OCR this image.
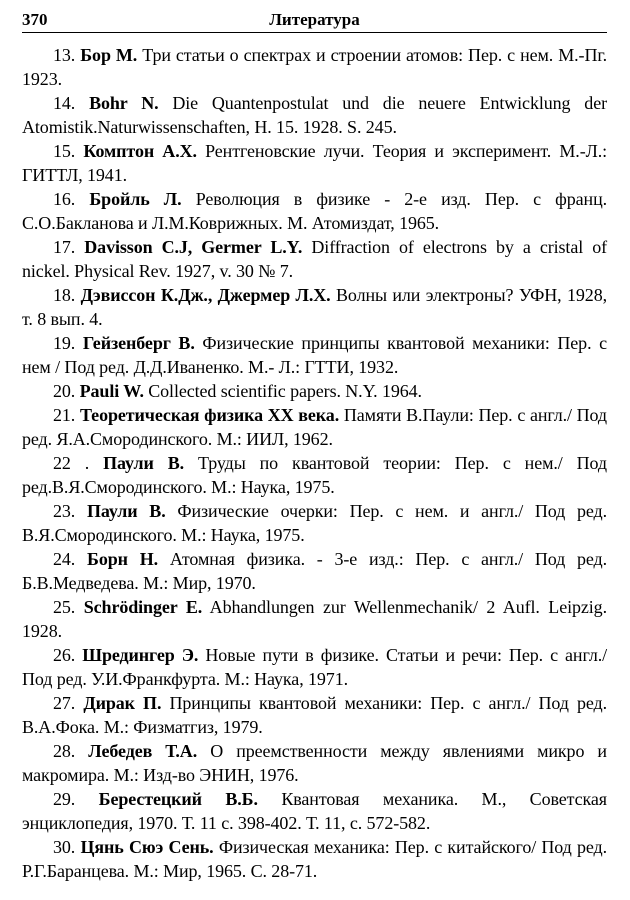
370	Литература
13. Бор М. Три статьи о спектрах и строении атомов: Пер. с нем. М.-Пг. 1923.
14. Bohr N. Die Quantenpostulat und die neuere Entwicklung der Atomistik.Naturwissenschaften, H. 15. 1928. S. 245.
15. Комптон А.Х. Рентгеновские лучи. Теория и эксперимент. М.-Л.: ГИТТЛ, 1941.
16. Бройль Л. Революция в физике - 2-е изд. Пер. с франц. С.О.Бакланова и Л.М.Коврижных. М. Атомиздат, 1965.
17. Davisson C.J, Germer L.Y. Diffraction of electrons by a cristal of nickel. Physical Rev. 1927, v. 30 № 7.
18. Дэвиссон К.Дж., Джермер Л.Х. Волны или электроны? УФН, 1928, т. 8 вып. 4.
19. Гейзенберг В. Физические принципы квантовой механики: Пер. с нем / Под ред. Д.Д.Иваненко. М.- Л.: ГТТИ, 1932.
20. Pauli W. Collected scientific papers. N.Y. 1964.
21. Теоретическая физика XX века. Памяти В.Паули: Пер. с англ./ Под ред. Я.А.Смородинского. М.: ИИЛ, 1962.
22 . Паули В. Труды по квантовой теории: Пер. с нем./ Под ред.В.Я.Смородинского. М.: Наука, 1975.
23. Паули В. Физические очерки: Пер. с нем. и англ./ Под ред. В.Я.Смородинского. М.: Наука, 1975.
24. Борн Н. Атомная физика. - 3-е изд.: Пер. с англ./ Под ред. Б.В.Медведева. М.: Мир, 1970.
25. Schrödinger E. Abhandlungen zur Wellenmechanik/ 2 Aufl. Leipzig. 1928.
26. Шредингер Э. Новые пути в физике. Статьи и речи: Пер. с англ./ Под ред. У.И.Франкфурта. М.: Наука, 1971.
27. Дирак П. Принципы квантовой механики: Пер. с англ./ Под ред. В.А.Фока. М.: Физматгиз, 1979.
28. Лебедев Т.А. О преемственности между явлениями микро и макромира. М.: Изд-во ЭНИН, 1976.
29. Берестецкий В.Б. Квантовая механика. М., Советская энциклопедия, 1970. Т. 11 с. 398-402. Т. 11, с. 572-582.
30. Цянь Сюэ Сень. Физическая механика: Пер. с китайского/ Под ред. Р.Г.Баранцева. М.: Мир, 1965. С. 28-71.
